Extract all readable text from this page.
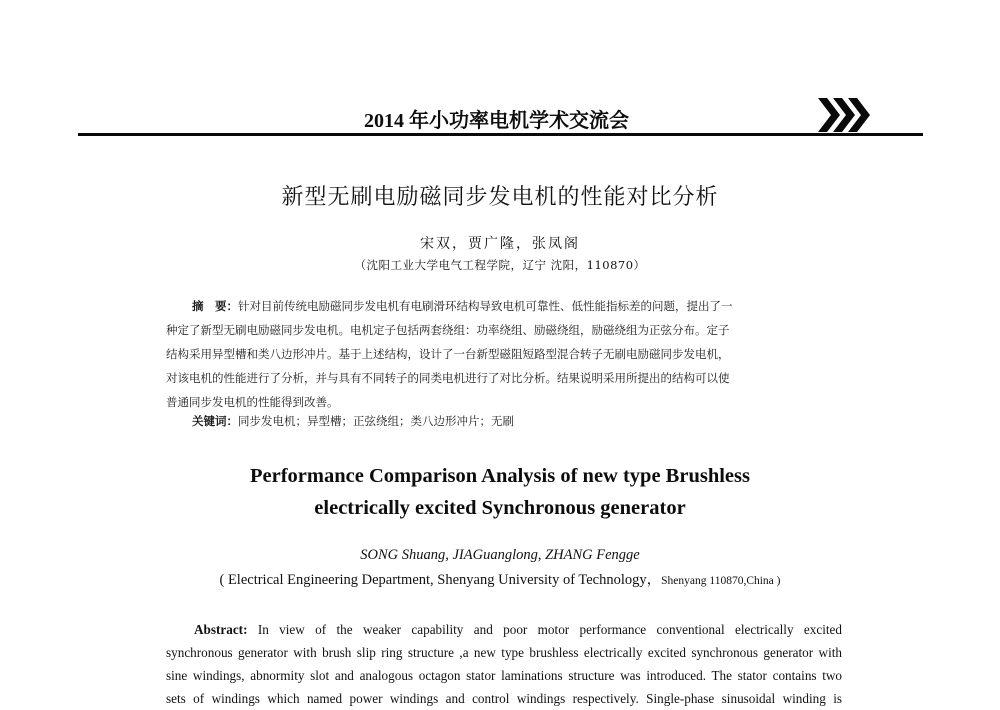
2014 年小功率电机学术交流会
新型无刷电励磁同步发电机的性能对比分析
宋双，贾广隆，张凤阁
（沈阳工业大学电气工程学院，辽宁 沈阳，110870）
摘　要：针对目前传统电励磁同步发电机有电刷滑环结构导致电机可靠性、低性能指标差的问题，提出了一
种定了新型无刷电励磁同步发电机。电机定子包括两套绕组：功率绕组、励磁绕组，励磁绕组为正弦分布。定子
结构采用异型槽和类八边形冲片。基于上述结构，设计了一台新型磁阻短路型混合转子无刷电励磁同步发电机，
对该电机的性能进行了分析，并与具有不同转子的同类电机进行了对比分析。结果说明采用所提出的结构可以使
普通同步发电机的性能得到改善。
关键词：同步发电机；异型槽；正弦绕组；类八边形冲片；无刷
Performance Comparison Analysis of new type Brushless
electrically excited Synchronous generator
SONG Shuang, JIAGuanglong, ZHANG Fengge
( Electrical Engineering Department, Shenyang University of Technology，Shenyang 110870,China )
Abstract: In view of the weaker capability and poor motor performance conventional electrically excited
synchronous generator with brush slip ring structure ,a new type brushless electrically excited synchronous generator with
sine windings, abnormity slot and analogous octagon stator laminations structure was introduced. The stator contains two
sets of windings which named power windings and control windings respectively. Single-phase sinusoidal winding is
